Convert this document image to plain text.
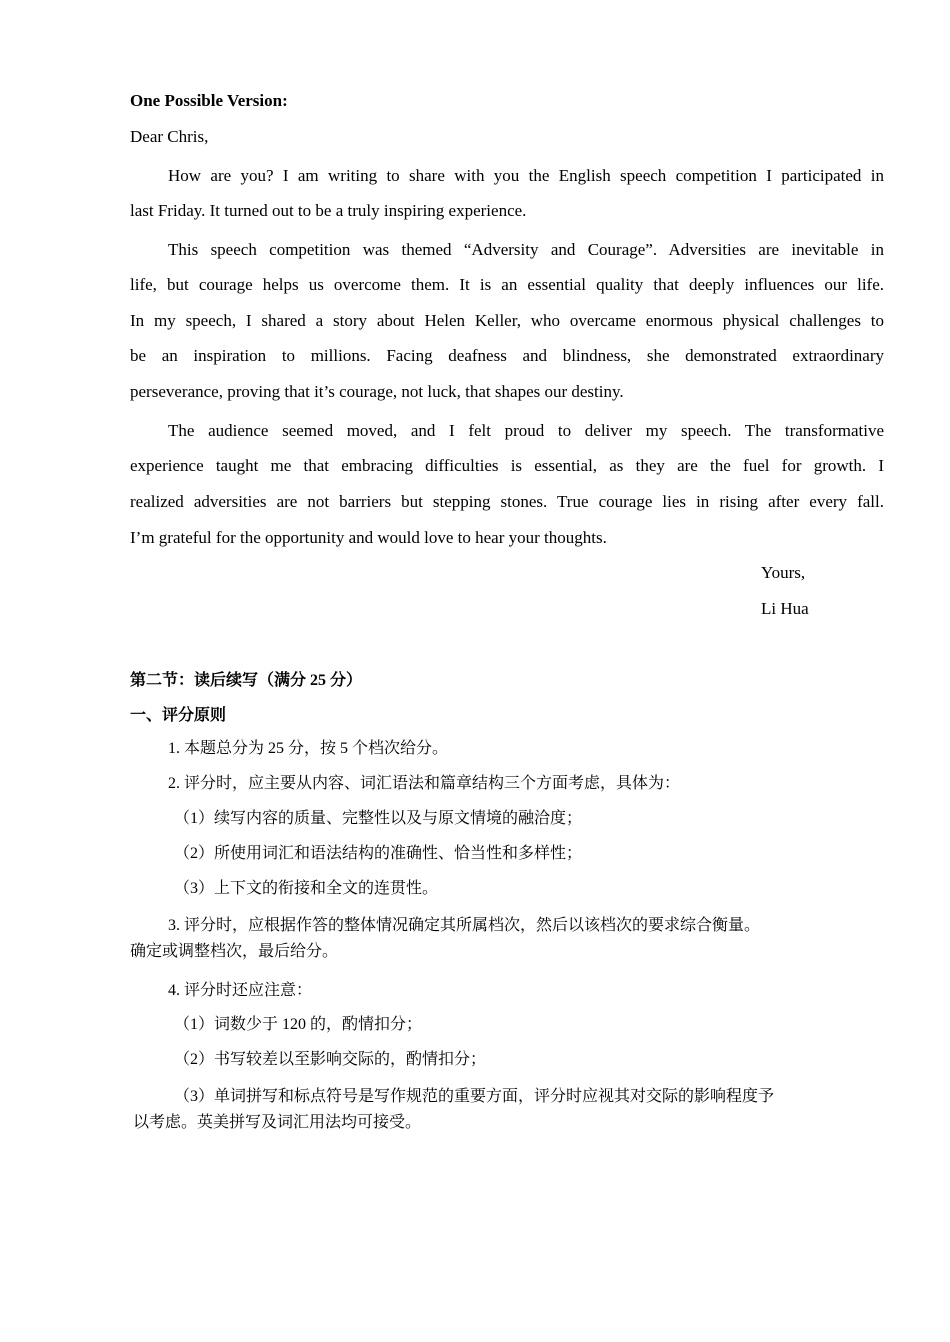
One Possible Version:
Dear Chris,
How are you? I am writing to share with you the English speech competition I participated in
last Friday. It turned out to be a truly inspiring experience.
This speech competition was themed “Adversity and Courage”. Adversities are inevitable in
life, but courage helps us overcome them. It is an essential quality that deeply influences our life.
In my speech, I shared a story about Helen Keller, who overcame enormous physical challenges to
be an inspiration to millions. Facing deafness and blindness, she demonstrated extraordinary
perseverance, proving that it’s courage, not luck, that shapes our destiny.
The audience seemed moved, and I felt proud to deliver my speech. The transformative
experience taught me that embracing difficulties is essential, as they are the fuel for growth. I
realized adversities are not barriers but stepping stones. True courage lies in rising after every fall.
I’m grateful for the opportunity and would love to hear your thoughts.
Yours,
Li Hua
第二节：读后续写（满分 25 分）
一、评分原则
1. 本题总分为 25 分，按 5 个档次给分。
2. 评分时，应主要从内容、词汇语法和篇章结构三个方面考虑，具体为：
（1）续写内容的质量、完整性以及与原文情境的融洽度；
（2）所使用词汇和语法结构的准确性、恰当性和多样性；
（3）上下文的衔接和全文的连贯性。
3. 评分时，应根据作答的整体情况确定其所属档次，然后以该档次的要求综合衡量。
确定或调整档次，最后给分。
4. 评分时还应注意：
（1）词数少于 120 的，酌情扣分；
（2）书写较差以至影响交际的，酌情扣分；
（3）单词拼写和标点符号是写作规范的重要方面，评分时应视其对交际的影响程度予
以考虑。英美拼写及词汇用法均可接受。
